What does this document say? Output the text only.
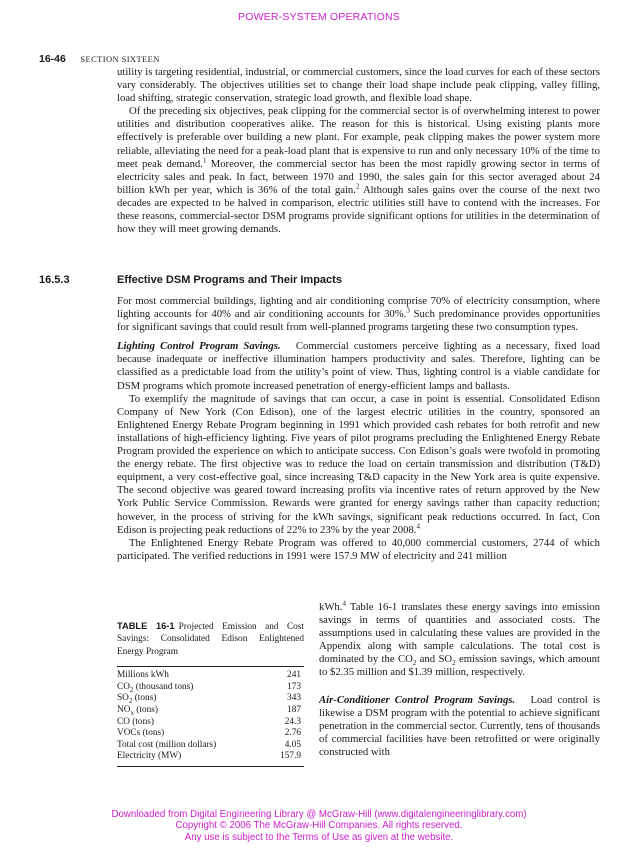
POWER-SYSTEM OPERATIONS
16-46 SECTION SIXTEEN

utility is targeting residential, industrial, or commercial customers, since the load curves for each of these sectors vary considerably. The objectives utilities set to change their load shape include peak clipping, valley filling, load shifting, strategic conservation, strategic load growth, and flexible load shape.

Of the preceding six objectives, peak clipping for the commercial sector is of overwhelming interest to power utilities and distribution cooperatives alike. The reason for this is historical. Using existing plants more effectively is preferable over building a new plant. For example, peak clipping makes the power system more reliable, alleviating the need for a peak-load plant that is expensive to run and only necessary 10% of the time to meet peak demand.$^1$ Moreover, the commercial sector has been the most rapidly growing sector in terms of electricity sales and peak. In fact, between 1970 and 1990, the sales gain for this sector averaged about 24 billion kWh per year, which is 36% of the total gain.$^2$ Although sales gains over the course of the next two decades are expected to be halved in comparison, electric utilities still have to contend with the increases. For these reasons, commercial-sector DSM programs provide significant options for utilities in the determination of how they will meet growing demands.

16.5.3	Effective DSM Programs and Their Impacts

For most commercial buildings, lighting and air conditioning comprise 70% of electricity consumption, where lighting accounts for 40% and air conditioning accounts for 30%.$^3$ Such predominance provides opportunities for significant savings that could result from well-planned programs targeting these two consumption types.

Lighting Control Program Savings. Commercial customers perceive lighting as a necessary, fixed load because inadequate or ineffective illumination hampers productivity and sales. Therefore, lighting can be classified as a predictable load from the utility’s point of view. Thus, lighting control is a viable candidate for DSM programs which promote increased penetration of energy-efficient lamps and ballasts.

To exemplify the magnitude of savings that can occur, a case in point is essential. Consolidated Edison Company of New York (Con Edison), one of the largest electric utilities in the country, sponsored an Enlightened Energy Rebate Program beginning in 1991 which provided cash rebates for both retrofit and new installations of high-efficiency lighting. Five years of pilot programs precluding the Enlightened Energy Rebate Program provided the experience on which to anticipate success. Con Edison’s goals were twofold in promoting the energy rebate. The first objective was to reduce the load on certain transmission and distribution (T&D) equipment, a very cost-effective goal, since increasing T&D capacity in the New York area is quite expensive. The second objective was geared toward increasing profits via incentive rates of return approved by the New York Public Service Commission. Rewards were granted for energy savings rather than capacity reduction; however, in the process of striving for the kWh savings, significant peak reductions occurred. In fact, Con Edison is projecting peak reductions of 22% to 23% by the year 2008.$^4$

The Enlightened Energy Rebate Program was offered to 40,000 commercial customers, 2744 of which participated. The verified reductions in 1991 were 157.9 MW of electricity and 241 million

kWh.$^4$ Table 16-1 translates these energy savings into emission savings in terms of quantities and associated costs. The assumptions used in calculating these values are provided in the Appendix along with sample calculations. The total cost is dominated by the $CO_2$ and $SO_2$ emission savings, which amount to $2.35 million and $1.39 million, respectively.

Air-Conditioner Control Program Savings. Load control is likewise a DSM program with the potential to achieve significant penetration in the commercial sector. Currently, tens of thousands of commercial facilities have been retrofitted or were originally constructed with

TABLE 16-1 Projected Emission and Cost Savings: Consolidated Edison Enlightened Energy Program
Millions kWh	241
$CO_2$ (thousand tons)	173
$SO_2$ (tons)	343
$NO_x$ (tons)	187
CO (tons)	24.3
VOCs (tons)	2.76
Total cost (million dollars)	4.05
Electricity (MW)	157.9
Downloaded from Digital Engineering Library @ McGraw-Hill (www.digitalengineeringlibrary.com)
Copyright © 2006 The McGraw-Hill Companies. All rights reserved.
Any use is subject to the Terms of Use as given at the website.
